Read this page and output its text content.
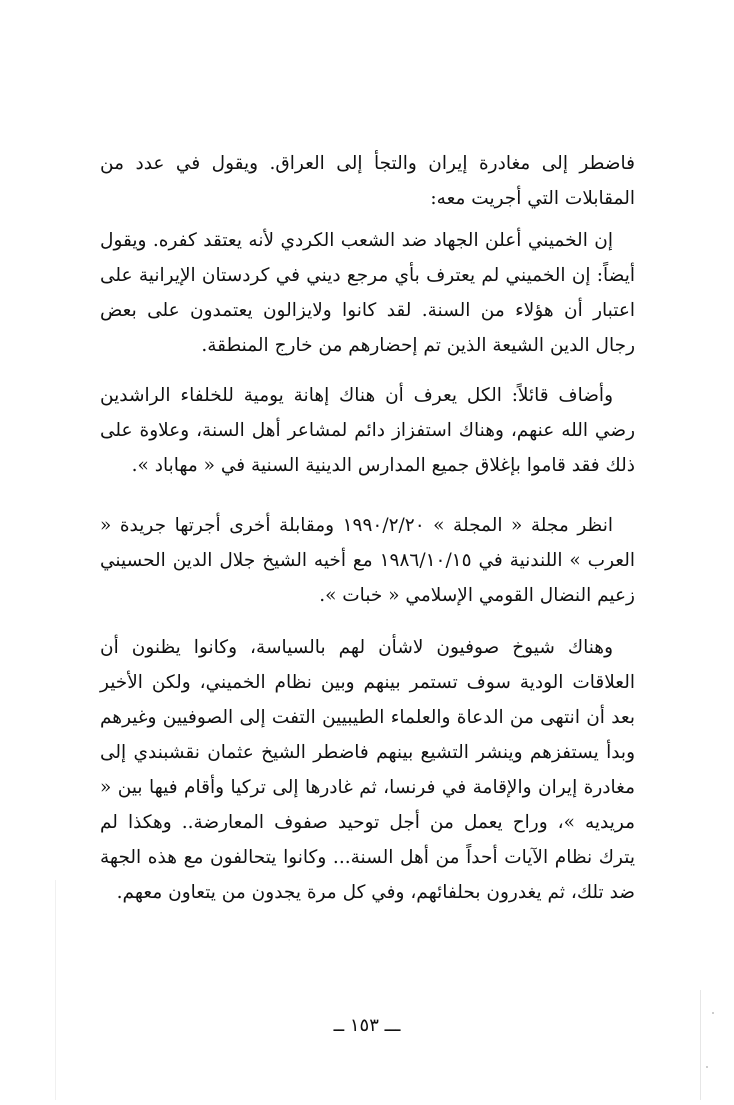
فاضطر إلى مغادرة إيران والتجأ إلى العراق. ويقول في عدد من المقابلات التي أجريت معه:

إن الخميني أعلن الجهاد ضد الشعب الكردي لأنه يعتقد كفره. ويقول أيضاً: إن الخميني لم يعترف بأي مرجع ديني في كردستان الإيرانية على اعتبار أن هؤلاء من السنة. لقد كانوا ولايزالون يعتمدون على بعض رجال الدين الشيعة الذين تم إحضارهم من خارج المنطقة.

وأضاف قائلاً: الكل يعرف أن هناك إهانة يومية للخلفاء الراشدين رضي الله عنهم، وهناك استفزاز دائم لمشاعر أهل السنة، وعلاوة على ذلك فقد قاموا بإغلاق جميع المدارس الدينية السنية في « مهاباد ».

انظر مجلة « المجلة » ١٩٩٠/٢/٢٠ ومقابلة أخرى أجرتها جريدة « العرب » اللندنية في ١٩٨٦/١٠/١٥ مع أخيه الشيخ جلال الدين الحسيني زعيم النضال القومي الإسلامي « خبات ».

وهناك شيوخ صوفيون لاشأن لهم بالسياسة، وكانوا يظنون أن العلاقات الودية سوف تستمر بينهم وبين نظام الخميني، ولكن الأخير بعد أن انتهى من الدعاة والعلماء الطيبيين التفت إلى الصوفيين وغيرهم وبدأ يستفزهم وينشر التشيع بينهم فاضطر الشيخ عثمان نقشبندي إلى مغادرة إيران والإقامة في فرنسا، ثم غادرها إلى تركيا وأقام فيها بين « مريديه »، وراح يعمل من أجل توحيد صفوف المعارضة.. وهكذا لم يترك نظام الآيات أحداً من أهل السنة... وكانوا يتحالفون مع هذه الجهة ضد تلك، ثم يغدرون بحلفائهم، وفي كل مرة يجدون من يتعاون معهم.

ـــ ١٥٣ ــ
